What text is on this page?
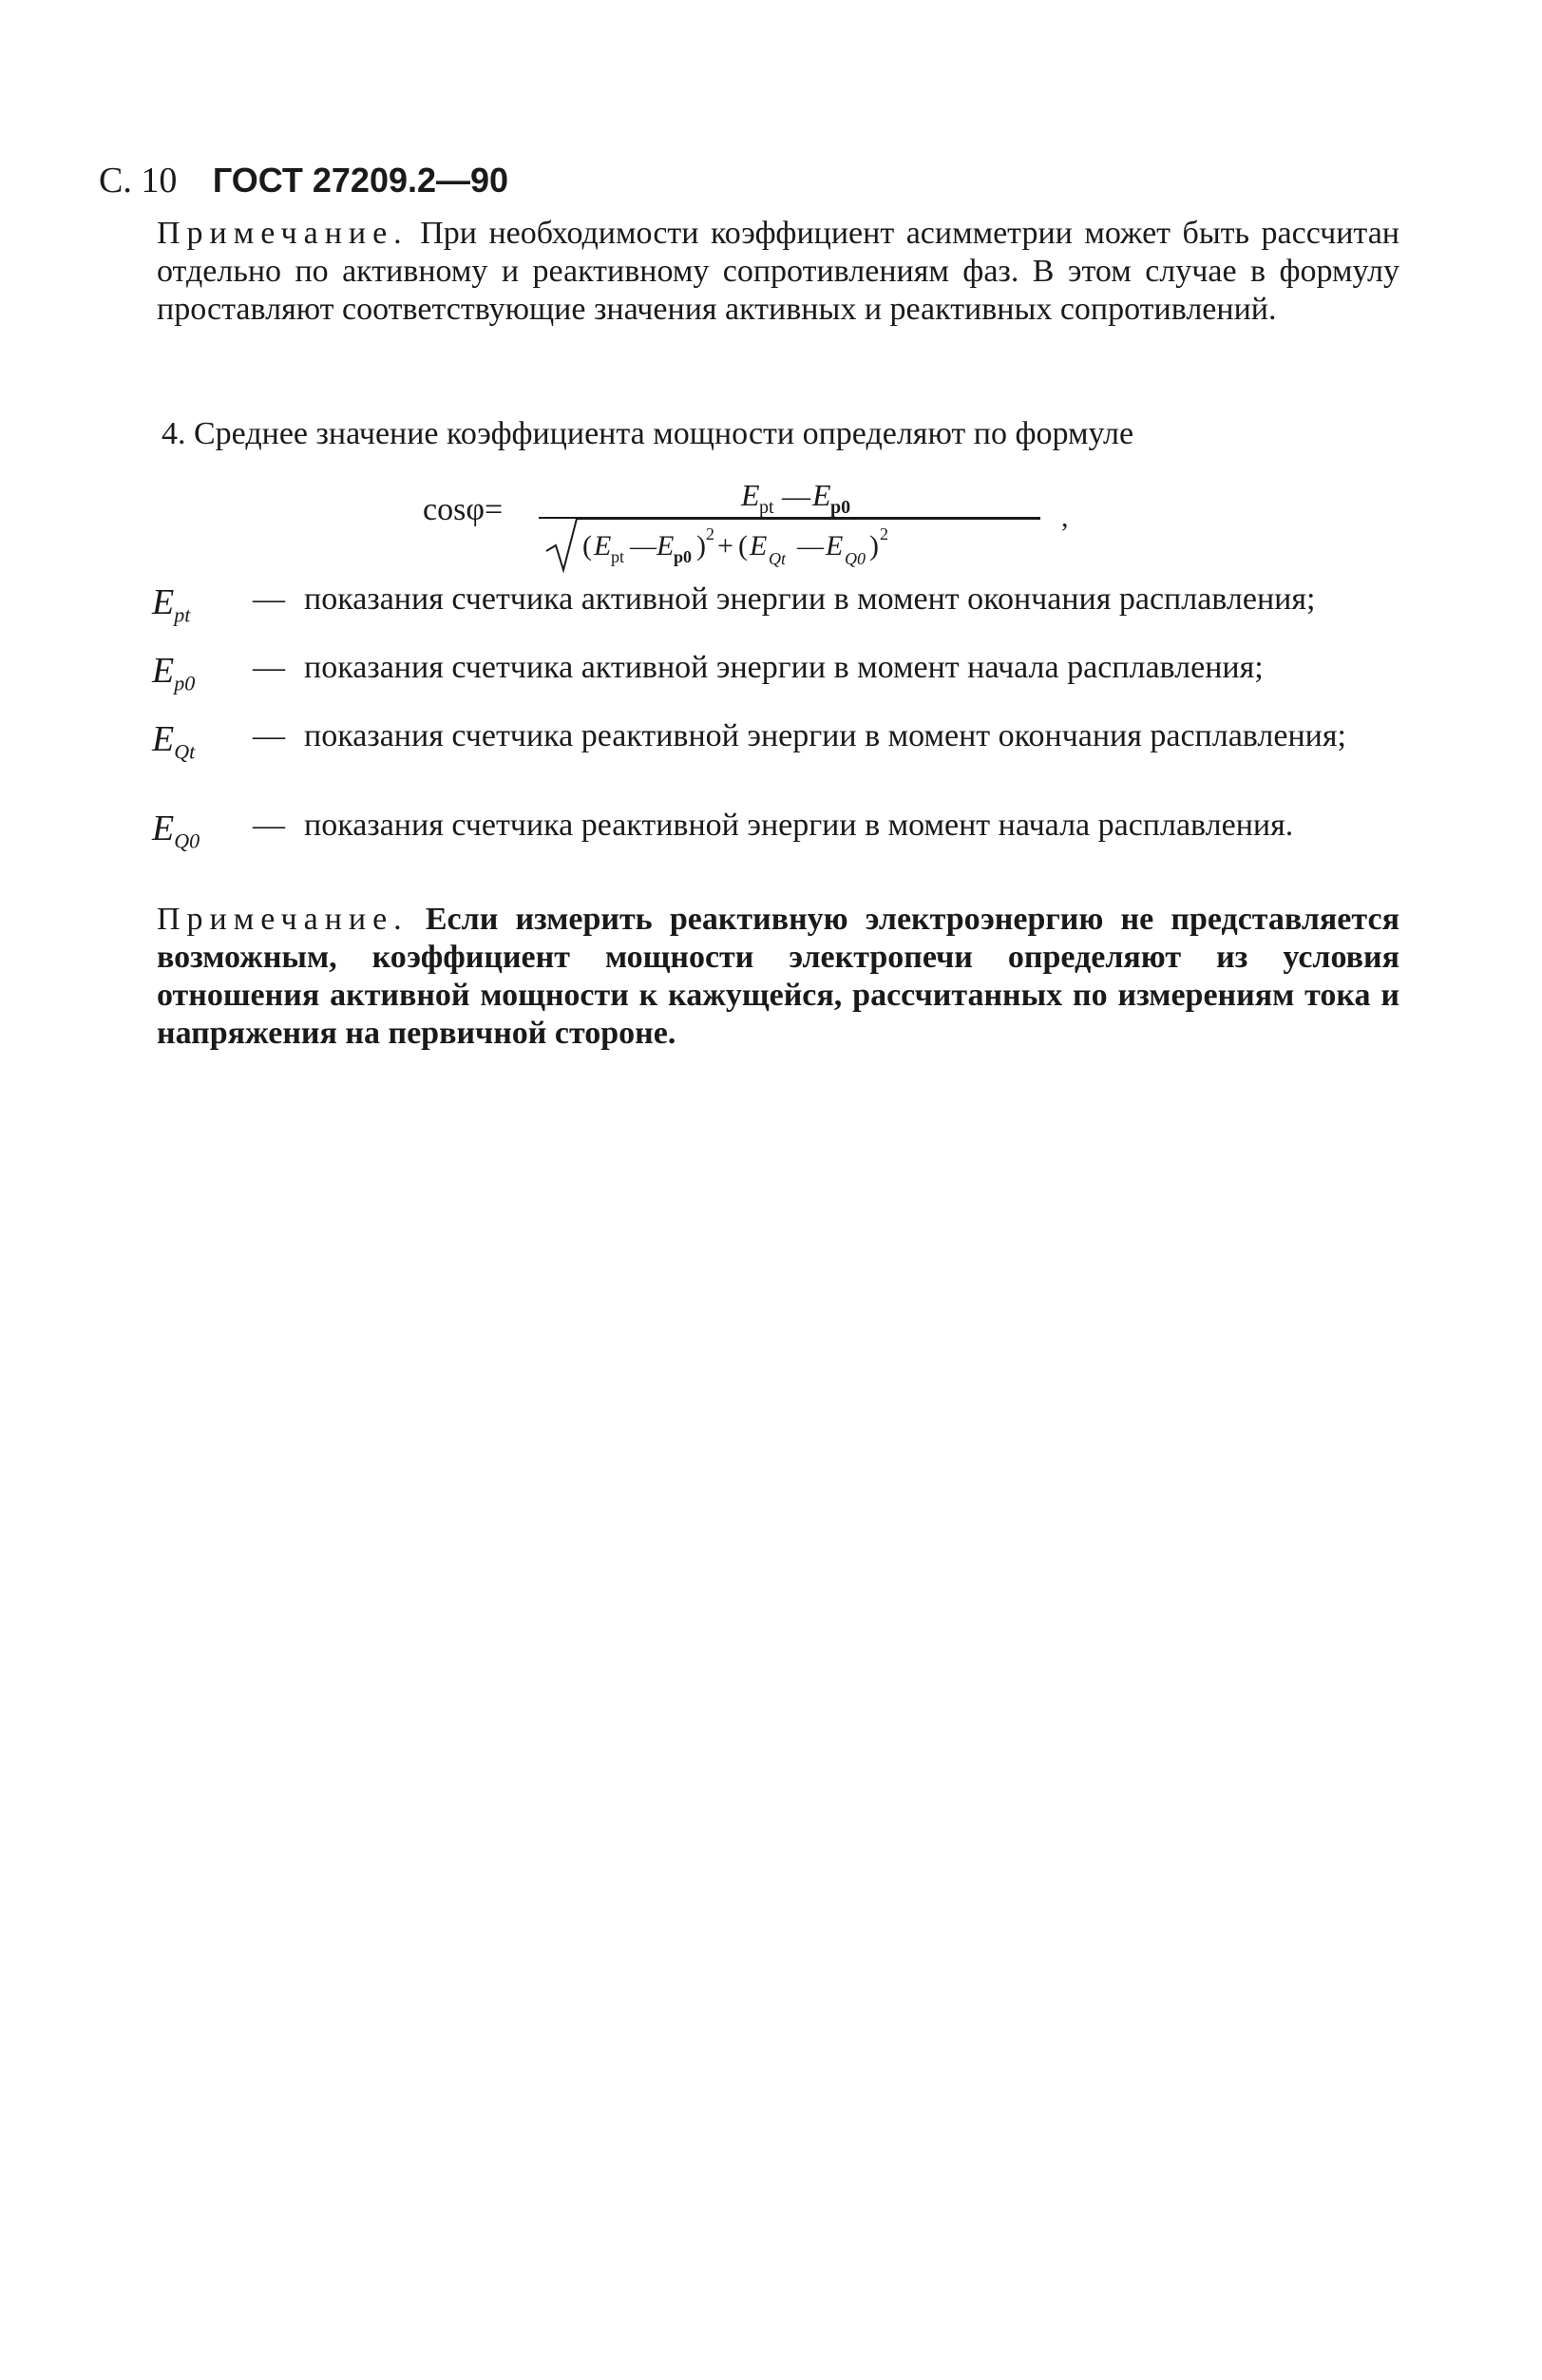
С. 10 ГОСТ 27209.2—90

Примечание. При необходимости коэффициент асимметрии может быть рассчитан отдельно по активному и реактивному сопротивлениям фаз. В этом случае в формулу проставляют соответствующие значения активных и реактивных сопротивлений.

4. Среднее значение коэффициента мощности определяют по формуле
cosφ=	E pt — E p0
( E pt — E p0 ) 2 + ( E Qt — E Q0 ) 2
,
$E_{pt}$ — показания счетчика активной энергии в момент окончания расплавления;
$E_{p0}$ — показания счетчика активной энергии в момент начала расплавления;
$E_{Qt}$ — показания счетчика реактивной энергии в момент окончания расплавления;
$E_{Q0}$ — показания счетчика реактивной энергии в момент начала расплавления.

Примечание. Если измерить реактивную электроэнергию не представляется возможным, коэффициент мощности электропечи определяют из условия отношения активной мощности к кажущейся, рассчитанных по измерениям тока и напряжения на первичной стороне.
